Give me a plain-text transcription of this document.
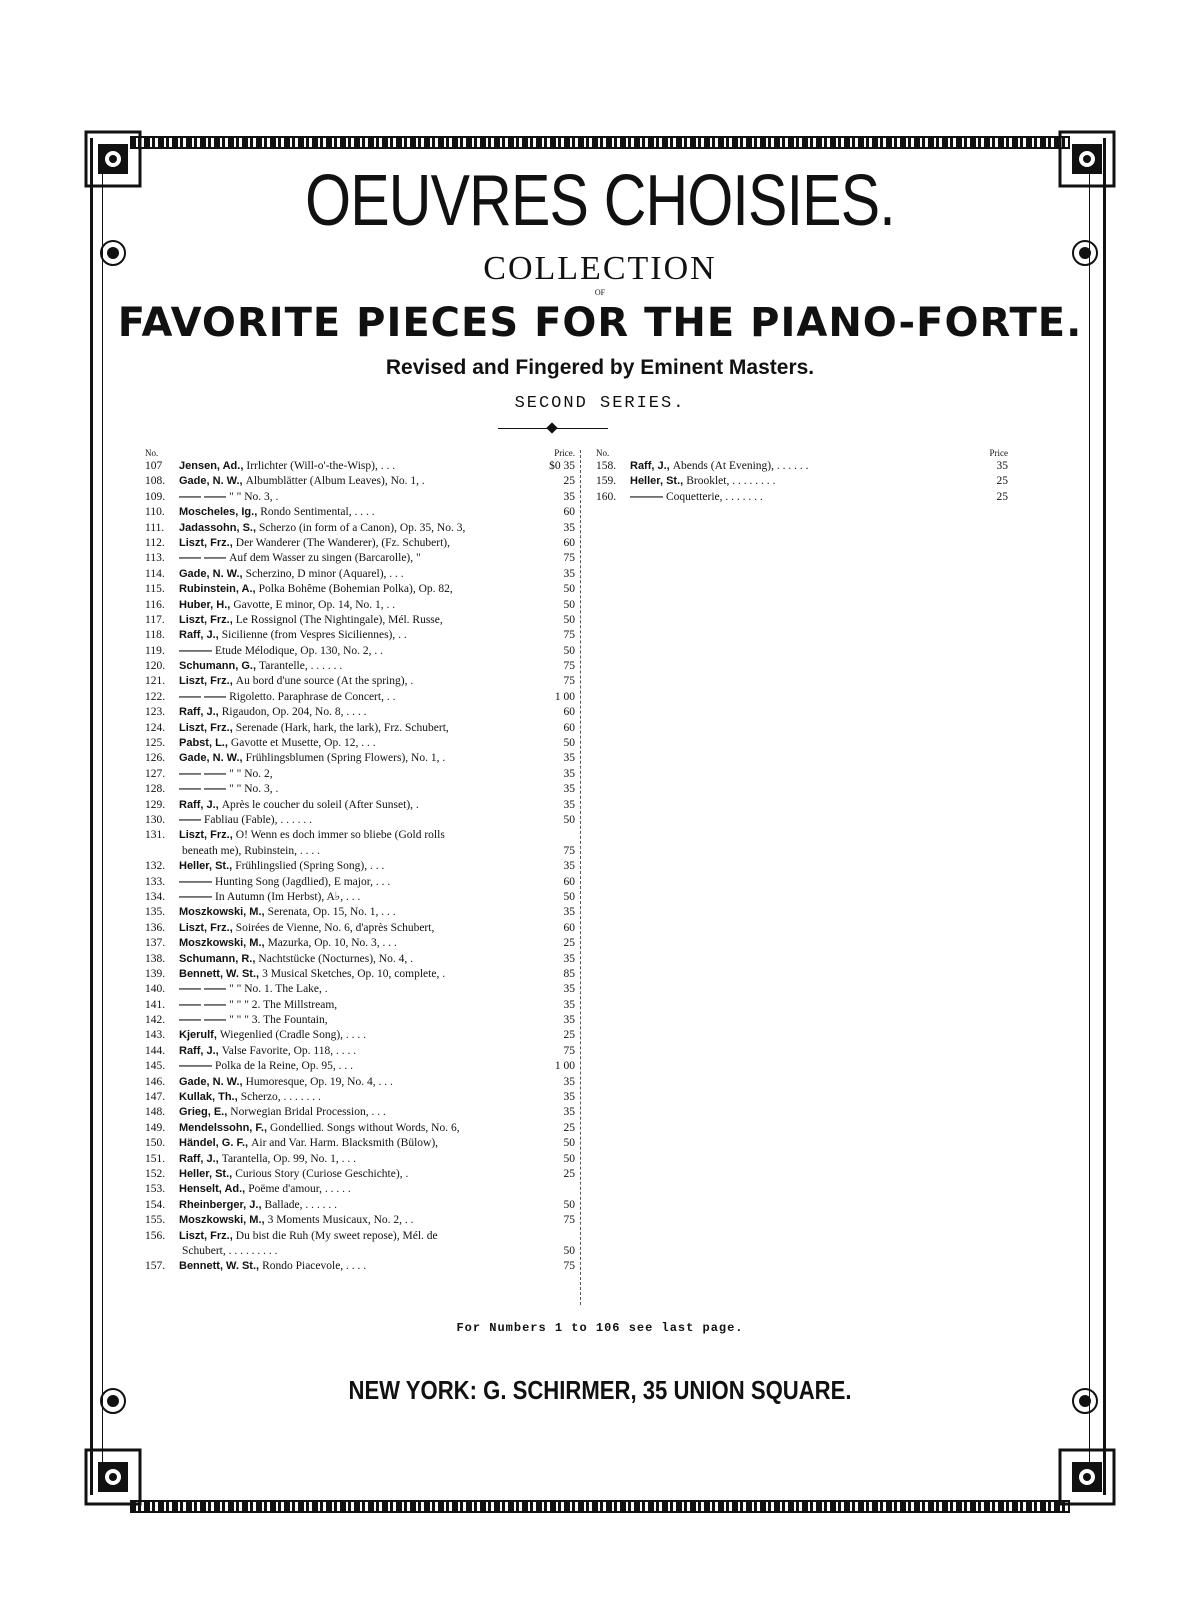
OEUVRES CHOISIES.
COLLECTION
OF
FAVORITE PIECES FOR THE PIANO-FORTE.
Revised and Fingered by Eminent Masters.
SECOND SERIES.
No.	Price.
107	Jensen, Ad., Irrlichter (Will-o'-the-Wisp), . . .	$0 35
108.	Gade, N. W., Albumblätter (Album Leaves), No. 1, .	25
109.	—— —— " " No. 3, .	35
110.	Moscheles, Ig., Rondo Sentimental, . . . .	60
111.	Jadassohn, S., Scherzo (in form of a Canon), Op. 35, No. 3,	35
112.	Liszt, Frz., Der Wanderer (The Wanderer), (Fz. Schubert),	60
113.	—— —— Auf dem Wasser zu singen (Barcarolle), "	75
114.	Gade, N. W., Scherzino, D minor (Aquarel), . . .	35
115.	Rubinstein, A., Polka Bohême (Bohemian Polka), Op. 82,	50
116.	Huber, H., Gavotte, E minor, Op. 14, No. 1, . .	50
117.	Liszt, Frz., Le Rossignol (The Nightingale), Mél. Russe,	50
118.	Raff, J., Sicilienne (from Vespres Siciliennes), . .	75
119.	——— Etude Mélodique, Op. 130, No. 2, . .	50
120.	Schumann, G., Tarantelle, . . . . . .	75
121.	Liszt, Frz., Au bord d'une source (At the spring), .	75
122.	—— —— Rigoletto. Paraphrase de Concert, . .	1 00
123.	Raff, J., Rigaudon, Op. 204, No. 8, . . . .	60
124.	Liszt, Frz., Serenade (Hark, hark, the lark), Frz. Schubert,	60
125.	Pabst, L., Gavotte et Musette, Op. 12, . . .	50
126.	Gade, N. W., Frühlingsblumen (Spring Flowers), No. 1, .	35
127.	—— —— " " No. 2,	35
128.	—— —— " " No. 3, .	35
129.	Raff, J., Après le coucher du soleil (After Sunset), .	35
130.	—— Fabliau (Fable), . . . . . .	50
131.	Liszt, Frz., O! Wenn es doch immer so bliebe (Gold rolls
beneath me), Rubinstein, . . . .	75
132.	Heller, St., Frühlingslied (Spring Song), . . .	35
133.	——— Hunting Song (Jagdlied), E major, . . .	60
134.	——— In Autumn (Im Herbst), A♭, . . .	50
135.	Moszkowski, M., Serenata, Op. 15, No. 1, . . .	35
136.	Liszt, Frz., Soirées de Vienne, No. 6, d'après Schubert,	60
137.	Moszkowski, M., Mazurka, Op. 10, No. 3, . . .	25
138.	Schumann, R., Nachtstücke (Nocturnes), No. 4, .	35
139.	Bennett, W. St., 3 Musical Sketches, Op. 10, complete, .	85
140.	—— —— " " No. 1. The Lake, .	35
141.	—— —— " " " 2. The Millstream,	35
142.	—— —— " " " 3. The Fountain,	35
143.	Kjerulf, Wiegenlied (Cradle Song), . . . .	25
144.	Raff, J., Valse Favorite, Op. 118, . . . .	75
145.	——— Polka de la Reine, Op. 95, . . .	1 00
146.	Gade, N. W., Humoresque, Op. 19, No. 4, . . .	35
147.	Kullak, Th., Scherzo, . . . . . . .	35
148.	Grieg, E., Norwegian Bridal Procession, . . .	35
149.	Mendelssohn, F., Gondellied. Songs without Words, No. 6,	25
150.	Händel, G. F., Air and Var. Harm. Blacksmith (Bülow),	50
151.	Raff, J., Tarantella, Op. 99, No. 1, . . .	50
152.	Heller, St., Curious Story (Curiose Geschichte), .	25
153.	Henselt, Ad., Poëme d'amour, . . . . .
154.	Rheinberger, J., Ballade, . . . . . .	50
155.	Moszkowski, M., 3 Moments Musicaux, No. 2, . .	75
156.	Liszt, Frz., Du bist die Ruh (My sweet repose), Mél. de
Schubert, . . . . . . . . .	50
157.	Bennett, W. St., Rondo Piacevole, . . . .	75
No.	Price
158.	Raff, J., Abends (At Evening), . . . . . .	35
159.	Heller, St., Brooklet, . . . . . . . .	25
160.	——— Coquetterie, . . . . . . .	25
For Numbers 1 to 106 see last page.
NEW YORK: G. SCHIRMER, 35 UNION SQUARE.
